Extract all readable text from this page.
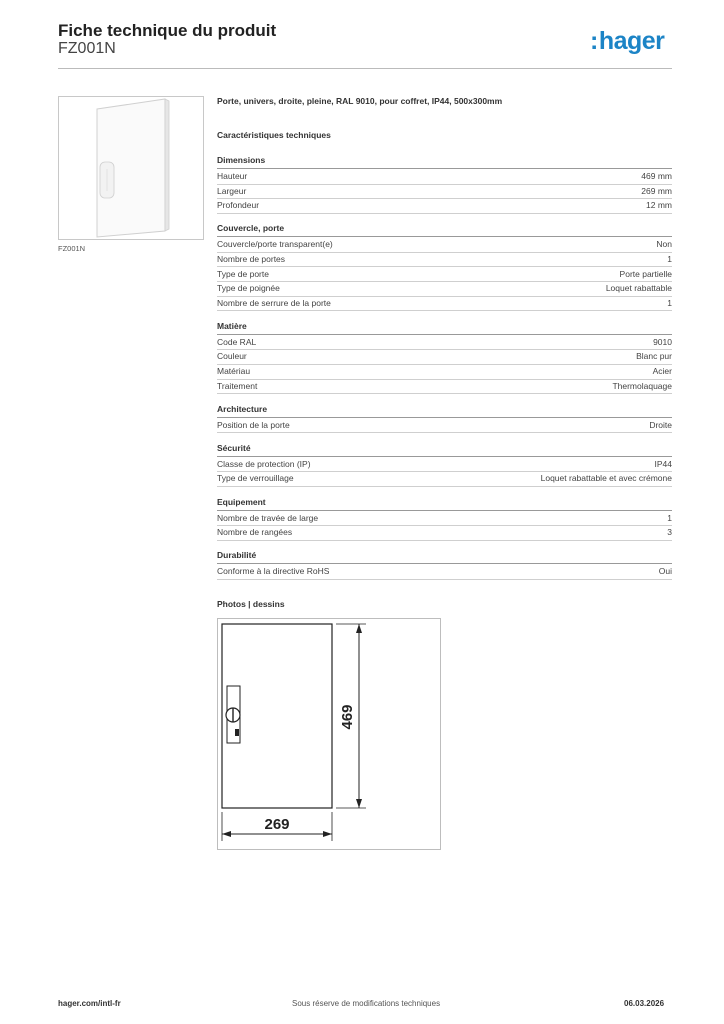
Fiche technique du produit
FZ001N	:hager
FZ001N
Porte, univers, droite, pleine, RAL 9010, pour coffret, IP44, 500x300mm
Caractéristiques techniques
Dimensions
Hauteur	469 mm
Largeur	269 mm
Profondeur	12 mm
Couvercle, porte
Couvercle/porte transparent(e)	Non
Nombre de portes	1
Type de porte	Porte partielle
Type de poignée	Loquet rabattable
Nombre de serrure de la porte	1
Matière
Code RAL	9010
Couleur	Blanc pur
Matériau	Acier
Traitement	Thermolaquage
Architecture
Position de la porte	Droite
Sécurité
Classe de protection (IP)	IP44
Type de verrouillage	Loquet rabattable et avec crémone
Equipement
Nombre de travée de large	1
Nombre de rangées	3
Durabilité
Conforme à la directive RoHS	Oui
Photos | dessins
469
269
hager.com/intl-fr	Sous réserve de modifications techniques	06.03.2026
